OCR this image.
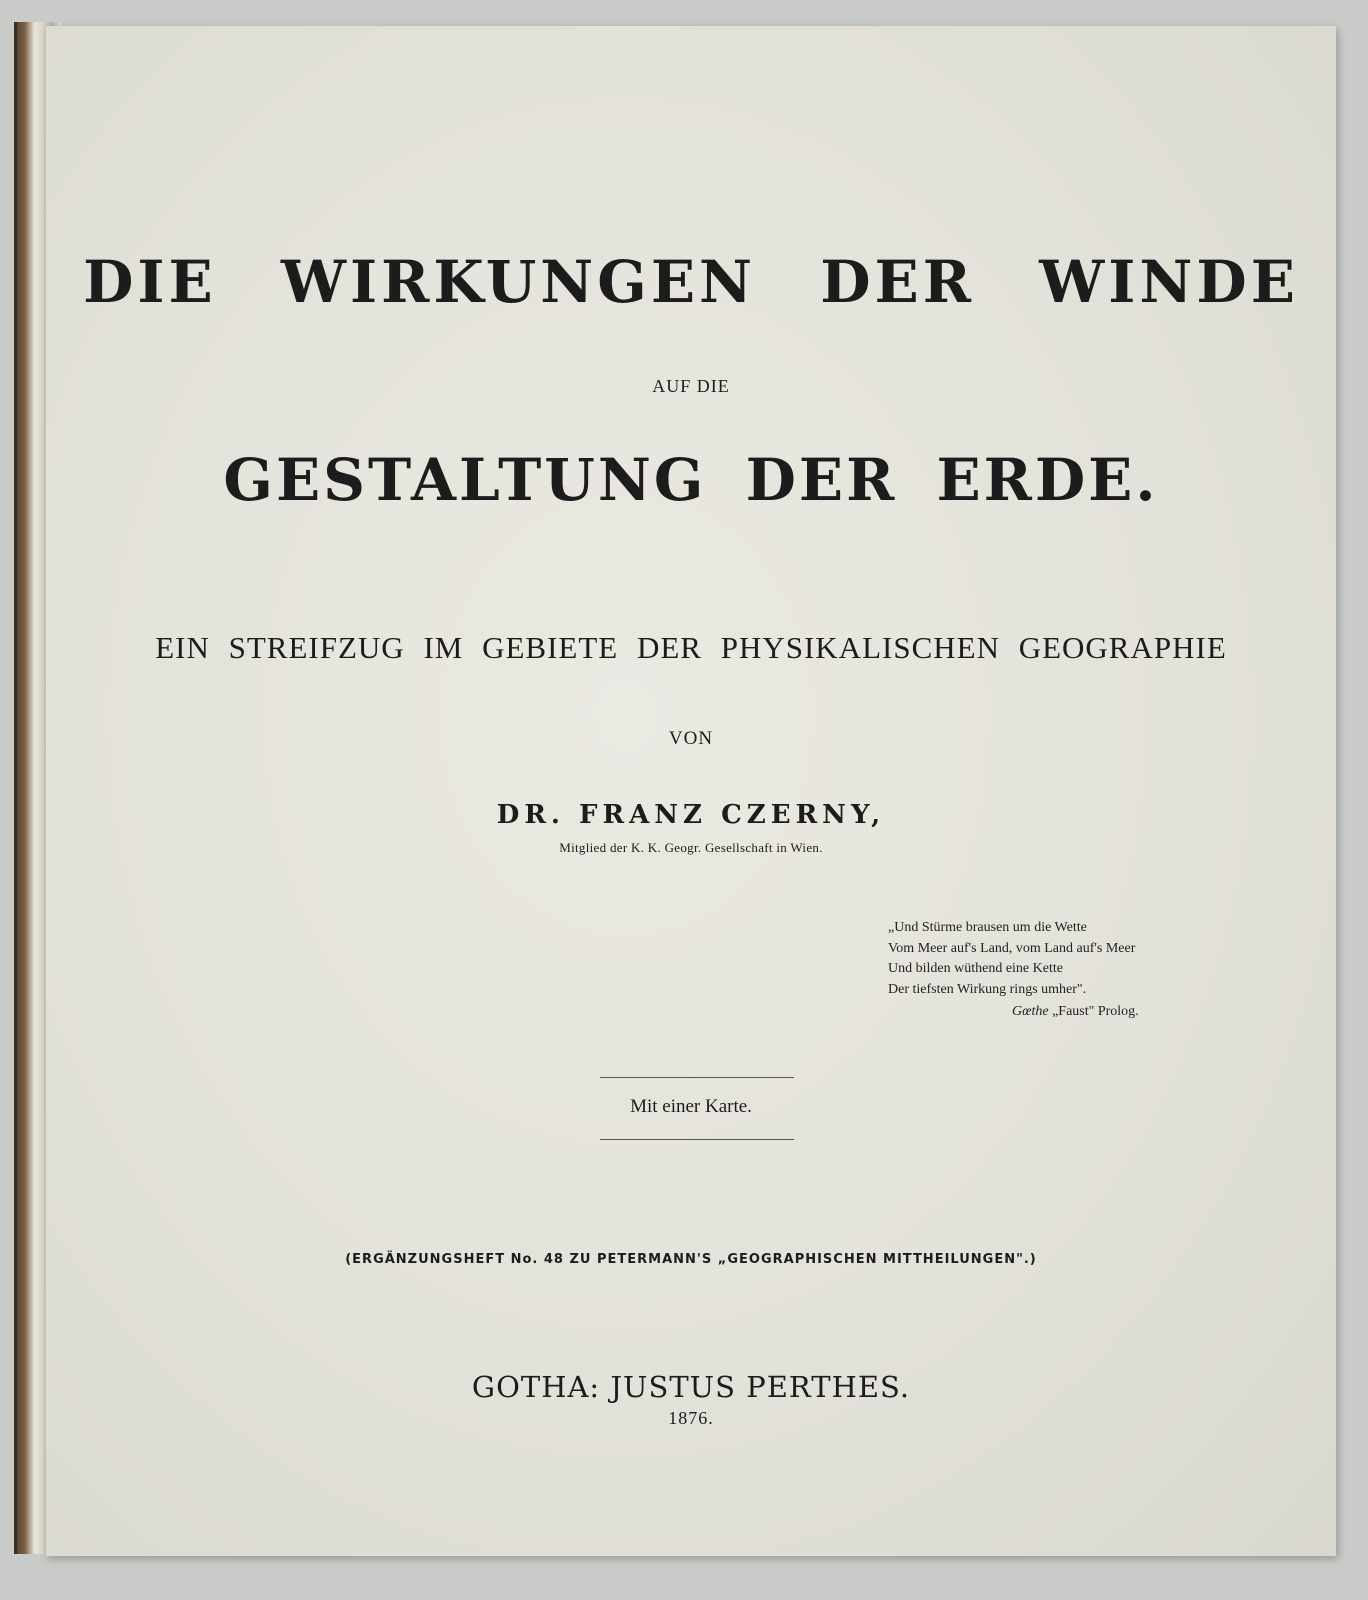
DIE WIRKUNGEN DER WINDE
AUF DIE
GESTALTUNG DER ERDE.
EIN STREIFZUG IM GEBIETE DER PHYSIKALISCHEN GEOGRAPHIE
VON
DR. FRANZ CZERNY,
Mitglied der K. K. Geogr. Gesellschaft in Wien.
„Und Stürme brausen um die Wette
Vom Meer auf's Land, vom Land auf's Meer
Und bilden wüthend eine Kette
Der tiefsten Wirkung rings umher".
Gœthe „Faust" Prolog.
Mit einer Karte.
(ERGÄNZUNGSHEFT No. 48 ZU PETERMANN'S „GEOGRAPHISCHEN MITTHEILUNGEN".)
GOTHA: JUSTUS PERTHES.
1876.
